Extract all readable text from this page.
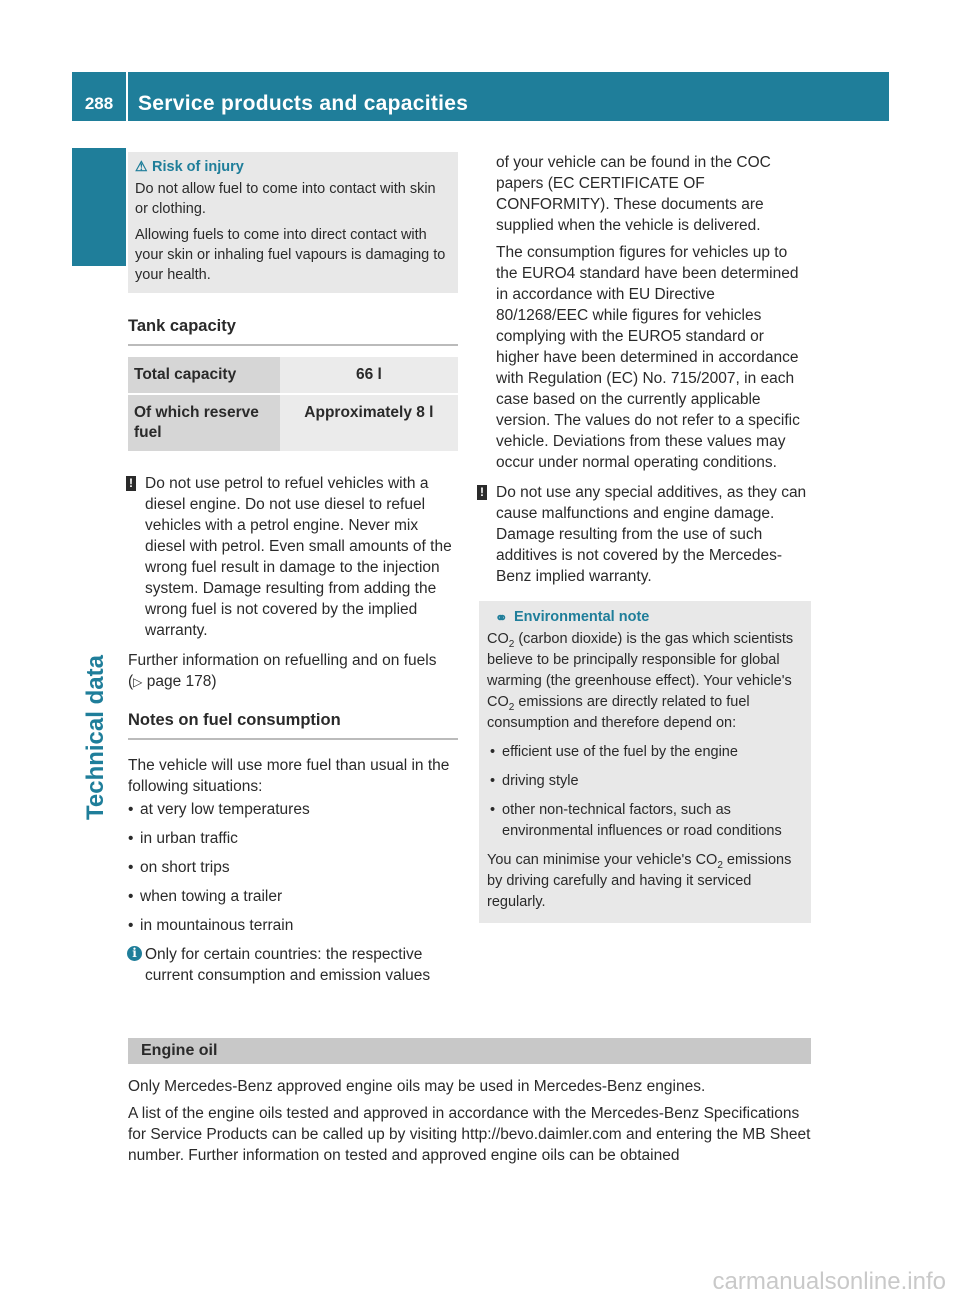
288	Service products and capacities
Technical data
⚠ Risk of injury

Do not allow fuel to come into contact with skin or clothing.

Allowing fuels to come into direct contact with your skin or inhaling fuel vapours is damaging to your health.

Tank capacity
Total capacity	66 l
Of which reserve fuel	Approximately 8 l
! Do not use petrol to refuel vehicles with a diesel engine. Do not use diesel to refuel vehicles with a petrol engine. Never mix diesel with petrol. Even small amounts of the wrong fuel result in damage to the injection system. Damage resulting from adding the wrong fuel is not covered by the implied warranty.

Further information on refuelling and on fuels (▷ page 178)

Notes on fuel consumption

The vehicle will use more fuel than usual in the following situations:

• at very low temperatures
• in urban traffic
• on short trips
• when towing a trailer
• in mountainous terrain
i Only for certain countries: the respective current consumption and emission values

of your vehicle can be found in the COC papers (EC CERTIFICATE OF CONFORMITY). These documents are supplied when the vehicle is delivered.

The consumption figures for vehicles up to the EURO4 standard have been determined in accordance with EU Directive 80/1268/EEC while figures for vehicles complying with the EURO5 standard or higher have been determined in accordance with Regulation (EC) No. 715/2007, in each case based on the currently applicable version. The values do not refer to a specific vehicle. Deviations from these values may occur under normal operating conditions.

! Do not use any special additives, as they can cause malfunctions and engine damage. Damage resulting from the use of such additives is not covered by the Mercedes-Benz implied warranty.

⚭ Environmental note

$CO_2$ (carbon dioxide) is the gas which scientists believe to be principally responsible for global warming (the greenhouse effect). Your vehicle's $CO_2$ emissions are directly related to fuel consumption and therefore depend on:

• efficient use of the fuel by the engine
• driving style
• other non-technical factors, such as environmental influences or road conditions

You can minimise your vehicle's $CO_2$ emissions by driving carefully and having it serviced regularly.

Engine oil

Only Mercedes-Benz approved engine oils may be used in Mercedes-Benz engines.

A list of the engine oils tested and approved in accordance with the Mercedes-Benz Specifications for Service Products can be called up by visiting http://bevo.daimler.com and entering the MB Sheet number. Further information on tested and approved engine oils can be obtained

carmanualsonline.info
